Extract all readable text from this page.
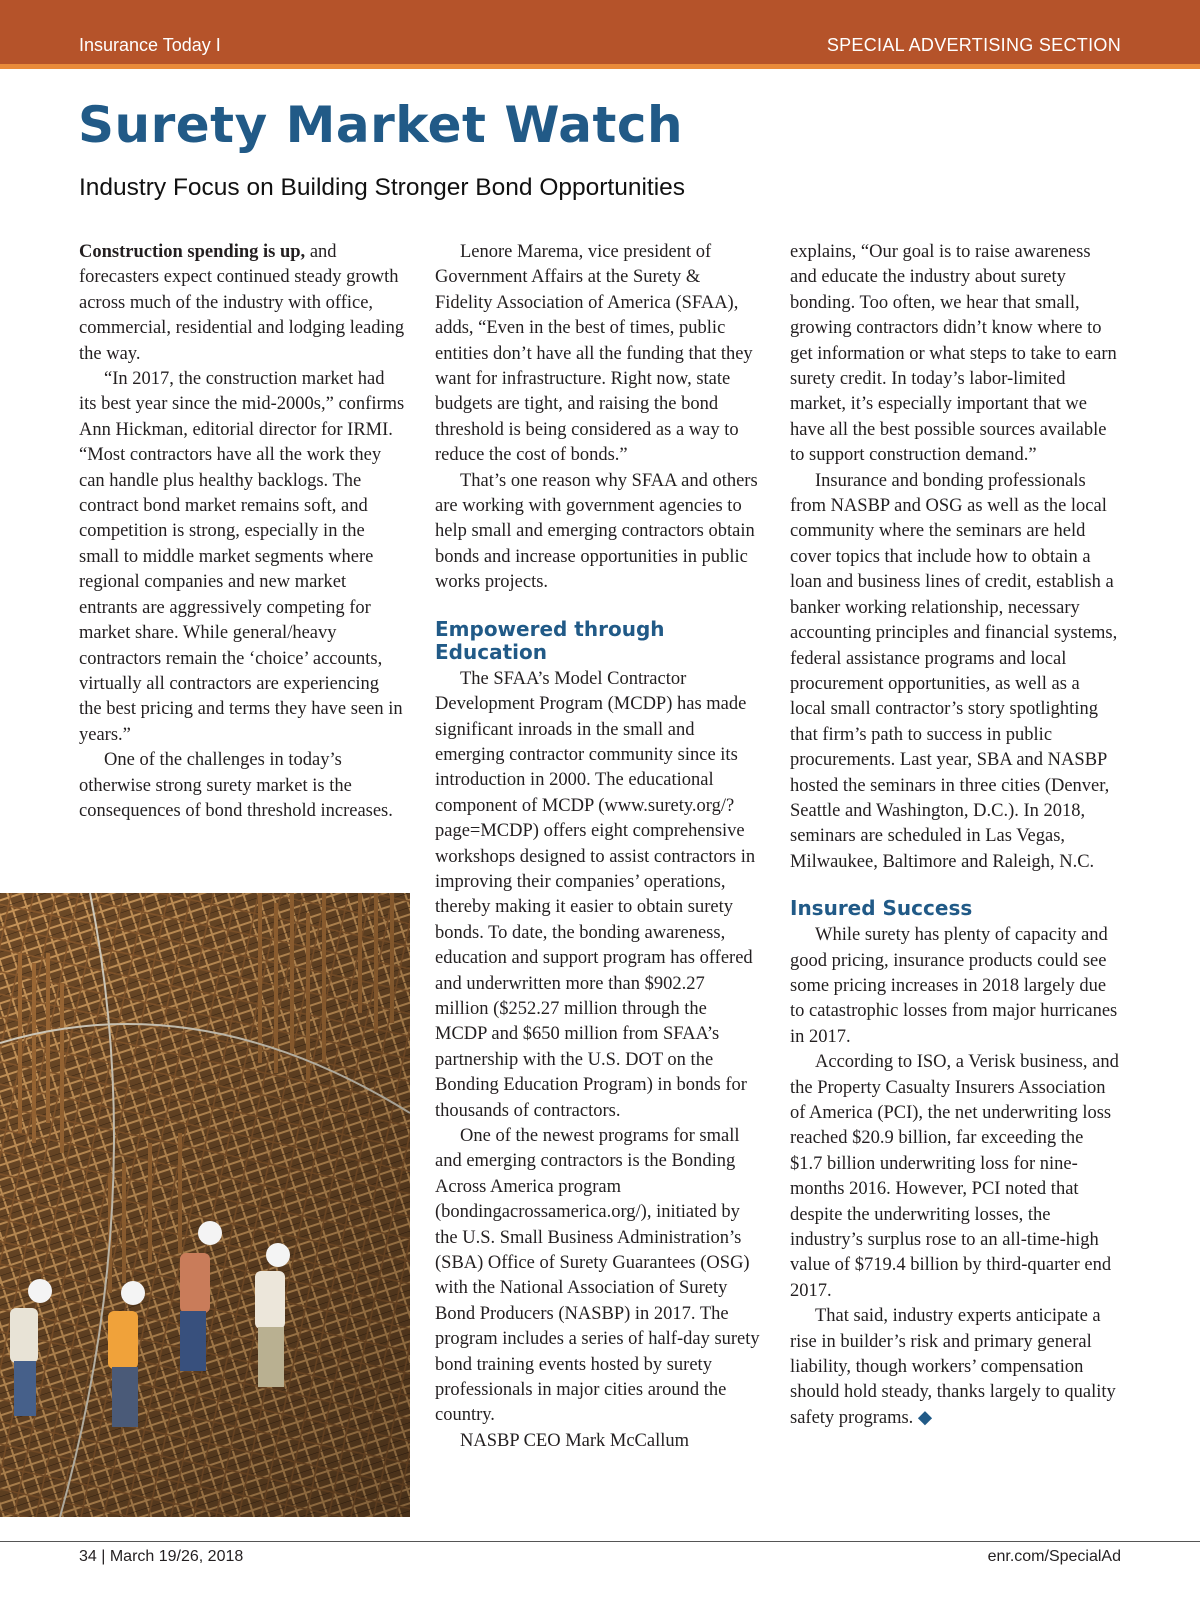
Insurance Today I	SPECIAL ADVERTISING SECTION
Surety Market Watch
Industry Focus on Building Stronger Bond Opportunities

Construction spending is up, and forecasters expect continued steady growth across much of the industry with office, commercial, residential and lodging leading the way.

“In 2017, the construction market had its best year since the mid-2000s,” confirms Ann Hickman, editorial director for IRMI. “Most contractors have all the work they can handle plus healthy backlogs. The contract bond market remains soft, and competition is strong, especially in the small to middle market segments where regional companies and new market entrants are aggressively competing for market share. While general/heavy contractors remain the ‘choice’ accounts, virtually all contractors are experiencing the best pricing and terms they have seen in years.”

One of the challenges in today’s otherwise strong surety market is the consequences of bond threshold increases.

Lenore Marema, vice president of Government Affairs at the Surety & Fidelity Association of America (SFAA), adds, “Even in the best of times, public entities don’t have all the funding that they want for infrastructure. Right now, state budgets are tight, and raising the bond threshold is being considered as a way to reduce the cost of bonds.”

That’s one reason why SFAA and others are working with government agencies to help small and emerging contractors obtain bonds and increase opportunities in public works projects.

Empowered through Education

The SFAA’s Model Contractor Development Program (MCDP) has made significant inroads in the small and emerging contractor community since its introduction in 2000. The educational component of MCDP (www.surety.org/?page=MCDP) offers eight comprehensive workshops designed to assist contractors in improving their companies’ operations, thereby making it easier to obtain surety bonds. To date, the bonding awareness, education and support program has offered and underwritten more than $902.27 million ($252.27 million through the MCDP and $650 million from SFAA’s partnership with the U.S. DOT on the Bonding Education Program) in bonds for thousands of contractors.

One of the newest programs for small and emerging contractors is the Bonding Across America program (bondingacrossamerica.org/), initiated by the U.S. Small Business Administration’s (SBA) Office of Surety Guarantees (OSG) with the National Association of Surety Bond Producers (NASBP) in 2017. The program includes a series of half-day surety bond training events hosted by surety professionals in major cities around the country.

NASBP CEO Mark McCallum

explains, “Our goal is to raise awareness and educate the industry about surety bonding. Too often, we hear that small, growing contractors didn’t know where to get information or what steps to take to earn surety credit. In today’s labor-limited market, it’s especially important that we have all the best possible sources available to support construction demand.”

Insurance and bonding professionals from NASBP and OSG as well as the local community where the seminars are held cover topics that include how to obtain a loan and business lines of credit, establish a banker working relationship, necessary accounting principles and financial systems, federal assistance programs and local procurement opportunities, as well as a local small contractor’s story spotlighting that firm’s path to success in public procurements. Last year, SBA and NASBP hosted the seminars in three cities (Denver, Seattle and Washington, D.C.). In 2018, seminars are scheduled in Las Vegas, Milwaukee, Baltimore and Raleigh, N.C.

Insured Success

While surety has plenty of capacity and good pricing, insurance products could see some pricing increases in 2018 largely due to catastrophic losses from major hurricanes in 2017.

According to ISO, a Verisk business, and the Property Casualty Insurers Association of America (PCI), the net underwriting loss reached $20.9 billion, far exceeding the $1.7 billion underwriting loss for nine-months 2016. However, PCI noted that despite the underwriting losses, the industry’s surplus rose to an all-time-high value of $719.4 billion by third-quarter end 2017.

That said, industry experts anticipate a rise in builder’s risk and primary general liability, though workers’ compensation should hold steady, thanks largely to quality safety programs. ◆

34 | March 19/26, 2018	enr.com/SpecialAd
